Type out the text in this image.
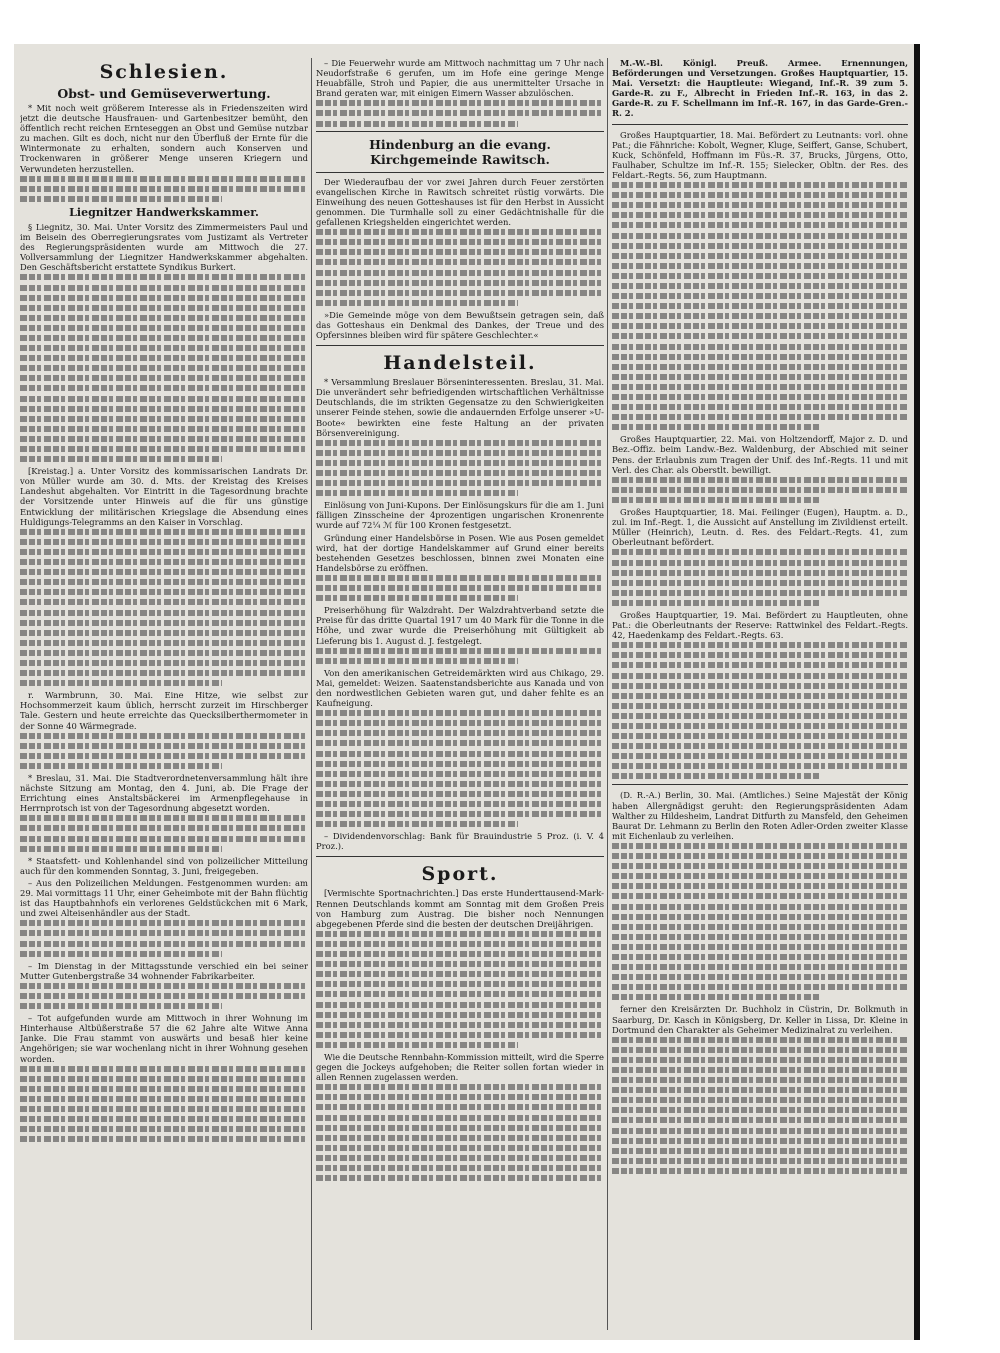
Schlesien.
Obst- und Gemüseverwertung.

* Mit noch weit größerem Interesse als in Friedenszeiten wird jetzt die deutsche Hausfrauen- und Gartenbesitzer bemüht, den öffentlich recht reichen Ernteseggen an Obst und Gemüse nutzbar zu machen. Gilt es doch, nicht nur den Überfluß der Ernte für die Wintermonate zu erhalten, sondern auch Konserven und Trockenwaren in größerer Menge unseren Kriegern und Verwundeten herzustellen.

Liegnitzer Handwerkskammer.

§ Liegnitz, 30. Mai. Unter Vorsitz des Zimmermeisters Paul und im Beisein des Oberregierungsrates vom Justizamt als Vertreter des Regierungspräsidenten wurde am Mittwoch die 27. Vollversammlung der Liegnitzer Handwerkskammer abgehalten. Den Geschäftsbericht erstattete Syndikus Burkert.

[Kreistag.] a. Unter Vorsitz des kommissarischen Landrats Dr. von Müller wurde am 30. d. Mts. der Kreistag des Kreises Landeshut abgehalten. Vor Eintritt in die Tagesordnung brachte der Vorsitzende unter Hinweis auf die für uns günstige Entwicklung der militärischen Kriegslage die Absendung eines Huldigungs-Telegramms an den Kaiser in Vorschlag.

r. Warmbrunn, 30. Mai. Eine Hitze, wie selbst zur Hochsommerzeit kaum üblich, herrscht zurzeit im Hirschberger Tale. Gestern und heute erreichte das Quecksilberthermometer in der Sonne 40 Wärmegrade.

* Breslau, 31. Mai. Die Stadtverordnetenversammlung hält ihre nächste Sitzung am Montag, den 4. Juni, ab. Die Frage der Errichtung eines Anstaltsbäckerei im Armenpflegehause in Herrnprotsch ist von der Tagesordnung abgesetzt worden.

* Staatsfett- und Kohlenhandel sind von polizeilicher Mitteilung auch für den kommenden Sonntag, 3. Juni, freigegeben.

– Aus den Polizeilichen Meldungen. Festgenommen wurden: am 29. Mai vormittags 11 Uhr, einer Geheimbote mit der Bahn flüchtig ist das Hauptbahnhofs ein verlorenes Geldstückchen mit 6 Mark, und zwei Alteisenhändler aus der Stadt.

– Im Dienstag in der Mittagsstunde verschied ein bei seiner Mutter Gutenbergstraße 34 wohnender Fabrikarbeiter.

– Tot aufgefunden wurde am Mittwoch in ihrer Wohnung im Hinterhause Altbüßerstraße 57 die 62 Jahre alte Witwe Anna Janke. Die Frau stammt von auswärts und besaß hier keine Angehörigen; sie war wochenlang nicht in ihrer Wohnung gesehen worden.

– Die Feuerwehr wurde am Mittwoch nachmittag um 7 Uhr nach Neudorfstraße 6 gerufen, um im Hofe eine geringe Menge Heuabfälle, Stroh und Papier, die aus unermittelter Ursache in Brand geraten war, mit einigen Eimern Wasser abzulöschen.

Hindenburg an die evang. Kirchgemeinde Rawitsch.

Der Wiederaufbau der vor zwei Jahren durch Feuer zerstörten evangelischen Kirche in Rawitsch schreitet rüstig vorwärts. Die Einweihung des neuen Gotteshauses ist für den Herbst in Aussicht genommen. Die Turmhalle soll zu einer Gedächtnishalle für die gefallenen Kriegshelden eingerichtet werden.

»Die Gemeinde möge von dem Bewußtsein getragen sein, daß das Gotteshaus ein Denkmal des Dankes, der Treue und des Opfersinnes bleiben wird für spätere Geschlechter.«

Handelsteil.

* Versammlung Breslauer Börseninteressenten. Breslau, 31. Mai. Die unverändert sehr befriedigenden wirtschaftlichen Verhältnisse Deutschlands, die im strikten Gegensatze zu den Schwierigkeiten unserer Feinde stehen, sowie die andauernden Erfolge unserer »U-Boote« bewirkten eine feste Haltung an der privaten Börsenvereinigung.

Einlösung von Juni-Kupons. Der Einlösungskurs für die am 1. Juni fälligen Zinsscheine der 4prozentigen ungarischen Kronenrente wurde auf 72¼ ℳ für 100 Kronen festgesetzt.

Gründung einer Handelsbörse in Posen. Wie aus Posen gemeldet wird, hat der dortige Handelskammer auf Grund einer bereits bestehenden Gesetzes beschlossen, binnen zwei Monaten eine Handelsbörse zu eröffnen.

Preiserhöhung für Walzdraht. Der Walzdrahtverband setzte die Preise für das dritte Quartal 1917 um 40 Mark für die Tonne in die Höhe, und zwar wurde die Preiserhöhung mit Gültigkeit ab Lieferung bis 1. August d. J. festgelegt.

Von den amerikanischen Getreidemärkten wird aus Chikago, 29. Mai, gemeldet: Weizen. Saatenstandsberichte aus Kanada und von den nordwestlichen Gebieten waren gut, und daher fehlte es an Kaufneigung.

– Dividendenvorschlag: Bank für Brauindustrie 5 Proz. (i. V. 4 Proz.).

Sport.

[Vermischte Sportnachrichten.] Das erste Hunderttausend-Mark-Rennen Deutschlands kommt am Sonntag mit dem Großen Preis von Hamburg zum Austrag. Die bisher noch Nennungen abgegebenen Pferde sind die besten der deutschen Dreijährigen.

Wie die Deutsche Rennbahn-Kommission mitteilt, wird die Sperre gegen die Jockeys aufgehoben; die Reiter sollen fortan wieder in allen Rennen zugelassen werden.

M.-W.-Bl. Königl. Preuß. Armee. Ernennungen, Beförderungen und Versetzungen. Großes Hauptquartier, 15. Mai. Versetzt: die Hauptleute: Wiegand, Inf.-R. 39 zum 5. Garde-R. zu F., Albrecht in Frieden Inf.-R. 163, in das 2. Garde-R. zu F. Schellmann im Inf.-R. 167, in das Garde-Gren.-R. 2.

Großes Hauptquartier, 18. Mai. Befördert zu Leutnants: vorl. ohne Pat.; die Fähnriche: Kobolt, Wegner, Kluge, Seiffert, Ganse, Schubert, Kuck, Schönfeld, Hoffmann im Füs.-R. 37, Brucks, Jürgens, Otto, Faulhaber, Schultze im Inf.-R. 155; Sielecker, Obltn. der Res. des Feldart.-Regts. 56, zum Hauptmann.

Großes Hauptquartier, 22. Mai. von Holtzendorff, Major z. D. und Bez.-Offiz. beim Landw.-Bez. Waldenburg, der Abschied mit seiner Pens. der Erlaubnis zum Tragen der Unif. des Inf.-Regts. 11 und mit Verl. des Char. als Oberstlt. bewilligt.

Großes Hauptquartier, 18. Mai. Feilinger (Eugen), Hauptm. a. D., zul. im Inf.-Regt. 1, die Aussicht auf Anstellung im Zivildienst erteilt. Müller (Heinrich), Leutn. d. Res. des Feldart.-Regts. 41, zum Oberleutnant befördert.

Großes Hauptquartier, 19. Mai. Befördert zu Hauptleuten, ohne Pat.: die Oberleutnants der Reserve: Rattwinkel des Feldart.-Regts. 42, Haedenkamp des Feldart.-Regts. 63.

(D. R.-A.) Berlin, 30. Mai. (Amtliches.) Seine Majestät der König haben Allergnädigst geruht: den Regierungspräsidenten Adam Walther zu Hildesheim, Landrat Ditfurth zu Mansfeld, den Geheimen Baurat Dr. Lehmann zu Berlin den Roten Adler-Orden zweiter Klasse mit Eichenlaub zu verleihen.

ferner den Kreisärzten Dr. Buchholz in Cüstrin, Dr. Bolkmuth in Saarburg, Dr. Kasch in Königsberg, Dr. Keller in Lissa, Dr. Kleine in Dortmund den Charakter als Geheimer Medizinalrat zu verleihen.
